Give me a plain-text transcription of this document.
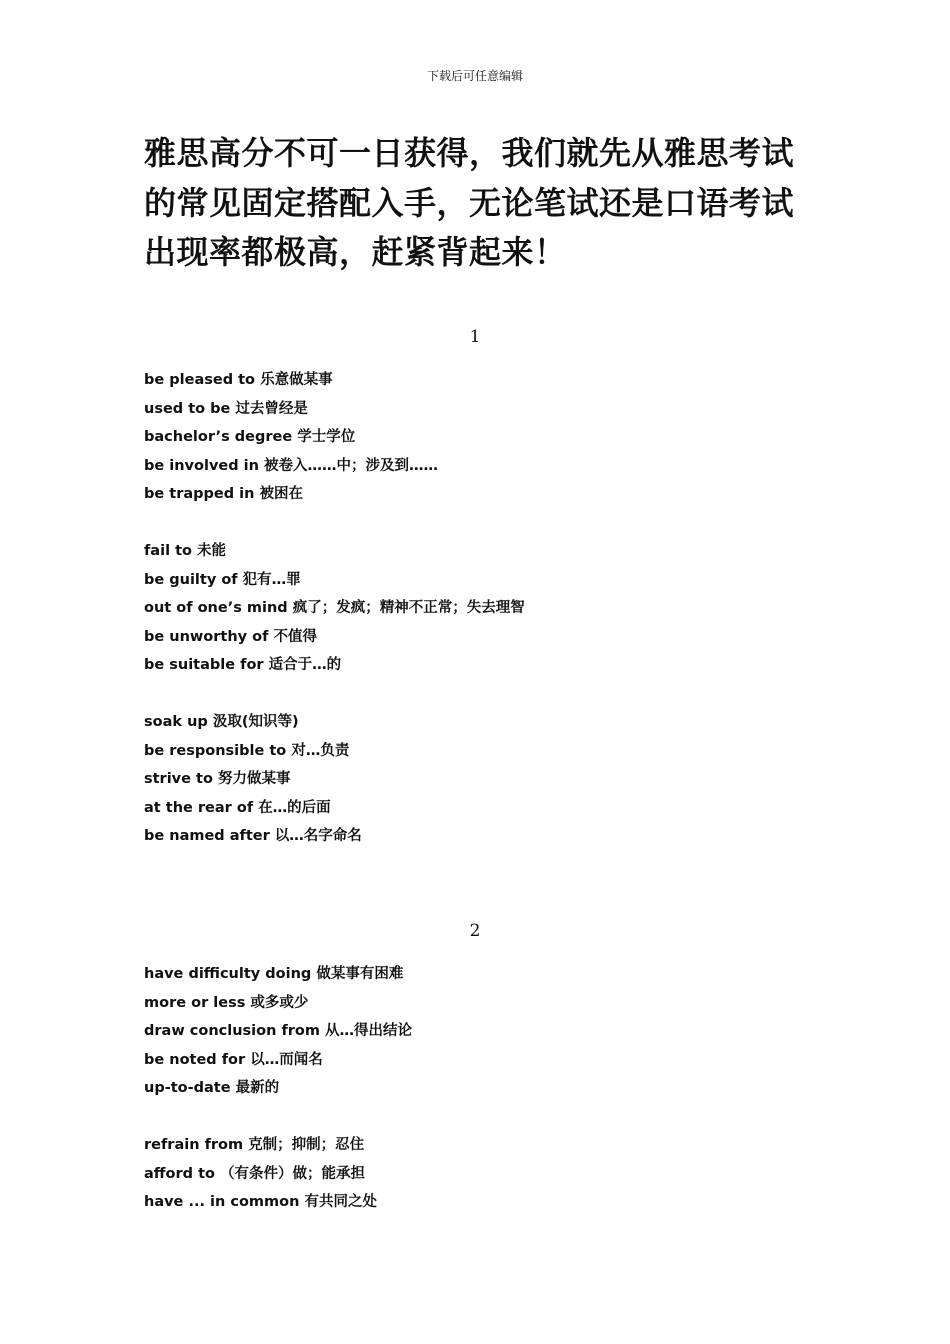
下载后可任意编辑
雅思高分不可一日获得，我们就先从雅思考试
的常见固定搭配入手，无论笔试还是口语考试
出现率都极高，赶紧背起来！
1
be pleased to 乐意做某事
used to be 过去曾经是
bachelor’s degree 学士学位
be involved in 被卷入……中；涉及到……
be trapped in 被困在
fail to 未能
be guilty of 犯有…罪
out of one’s mind 疯了；发疯；精神不正常；失去理智
be unworthy of 不值得
be suitable for 适合于…的
soak up 汲取(知识等)
be responsible to 对…负责
strive to 努力做某事
at the rear of 在…的后面
be named after 以…名字命名
2
have difficulty doing 做某事有困难
more or less 或多或少
draw conclusion from 从…得出结论
be noted for 以…而闻名
up-to-date 最新的
refrain from 克制；抑制；忍住
afford to （有条件）做；能承担
have ... in common 有共同之处
